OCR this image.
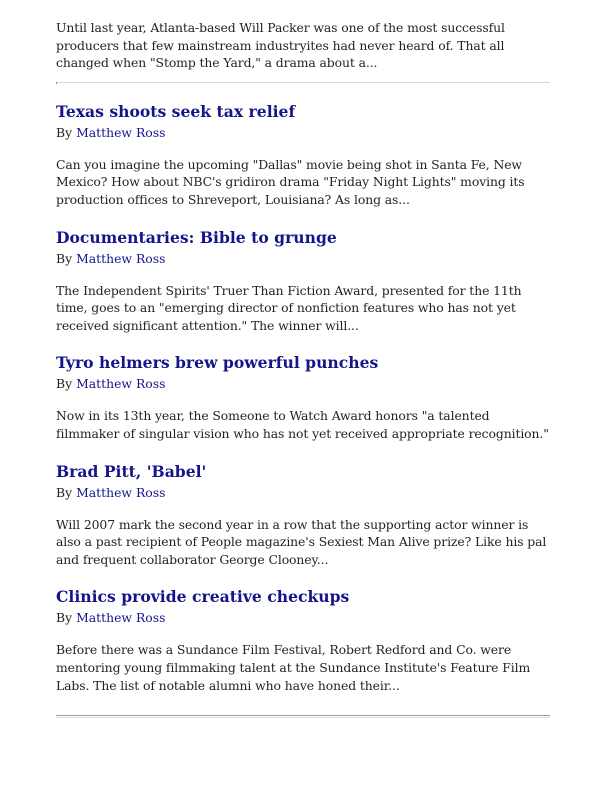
Until last year, Atlanta-based Will Packer was one of the most successful producers that few mainstream industryites had never heard of. That all changed when "Stomp the Yard," a drama about a...

Texas shoots seek tax relief

By Matthew Ross

Can you imagine the upcoming "Dallas" movie being shot in Santa Fe, New Mexico? How about NBC's gridiron drama "Friday Night Lights" moving its production offices to Shreveport, Louisiana? As long as...

Documentaries: Bible to grunge

By Matthew Ross

The Independent Spirits' Truer Than Fiction Award, presented for the 11th time, goes to an "emerging director of nonfiction features who has not yet received significant attention." The winner will...

Tyro helmers brew powerful punches

By Matthew Ross

Now in its 13th year, the Someone to Watch Award honors "a talented filmmaker of singular vision who has not yet received appropriate recognition."

Brad Pitt, 'Babel'

By Matthew Ross

Will 2007 mark the second year in a row that the supporting actor winner is also a past recipient of People magazine's Sexiest Man Alive prize? Like his pal and frequent collaborator George Clooney...

Clinics provide creative checkups

By Matthew Ross

Before there was a Sundance Film Festival, Robert Redford and Co. were mentoring young filmmaking talent at the Sundance Institute's Feature Film Labs. The list of notable alumni who have honed their...
